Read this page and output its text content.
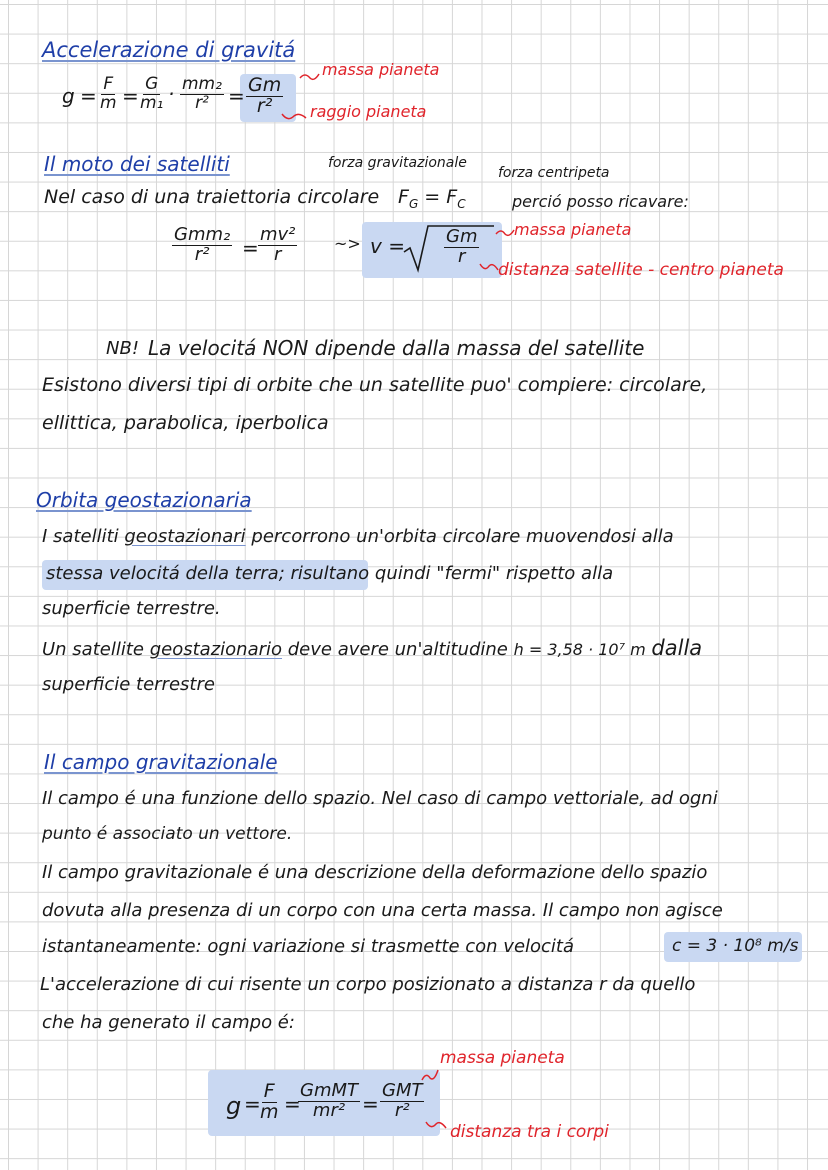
Accelerazione di gravitá
$g = \frac{F}{m} = \frac{G}{\text{m₁}} \cdot \frac{\text{mm₂}}{\text{r²}} = \frac{Gm}{\text{r²}}$
massa pianeta
raggio pianeta
Il moto dei satelliti	forza gravitazionale
forza centripeta
Nel caso di una traiettoria circolare $F_G = F_C$	perció posso ricavare:
Gmm₂
$r^2 = \frac{\text{mv²}}{r}$ ~> $v = \frac{Gm}{r}$ massa pianeta
distanza satellite - centro pianeta
NB! La velocitá NON dipende dalla massa del satellite
Esistono diversi tipi di orbite che un satellite puo' compiere: circolare,
ellittica, parabolica, iperbolica
Orbita geostazionaria
I satelliti geostazionari percorrono un'orbita circolare muovendosi alla
stessa velocitá della terra; risultano quindi "fermi" rispetto alla
superficie terrestre.
Un satellite geostazionario deve avere un'altitudine h = 3,58 · 10⁷ m dalla
superficie terrestre
Il campo gravitazionale
Il campo é una funzione dello spazio. Nel caso di campo vettoriale, ad ogni
punto é associato un vettore.
Il campo gravitazionale é una descrizione della deformazione dello spazio
dovuta alla presenza di un corpo con una certa massa. Il campo non agisce
istantaneamente: ogni variazione si trasmette con velocitá	c = 3 · 10⁸ m/s
L'accelerazione di cui risente un corpo posizionato a distanza r da quello
che ha generato il campo é:
g =
$\frac{F}{m}$ =
GmMT
mr² =
GMT
r²
massa pianeta
distanza tra i corpi
